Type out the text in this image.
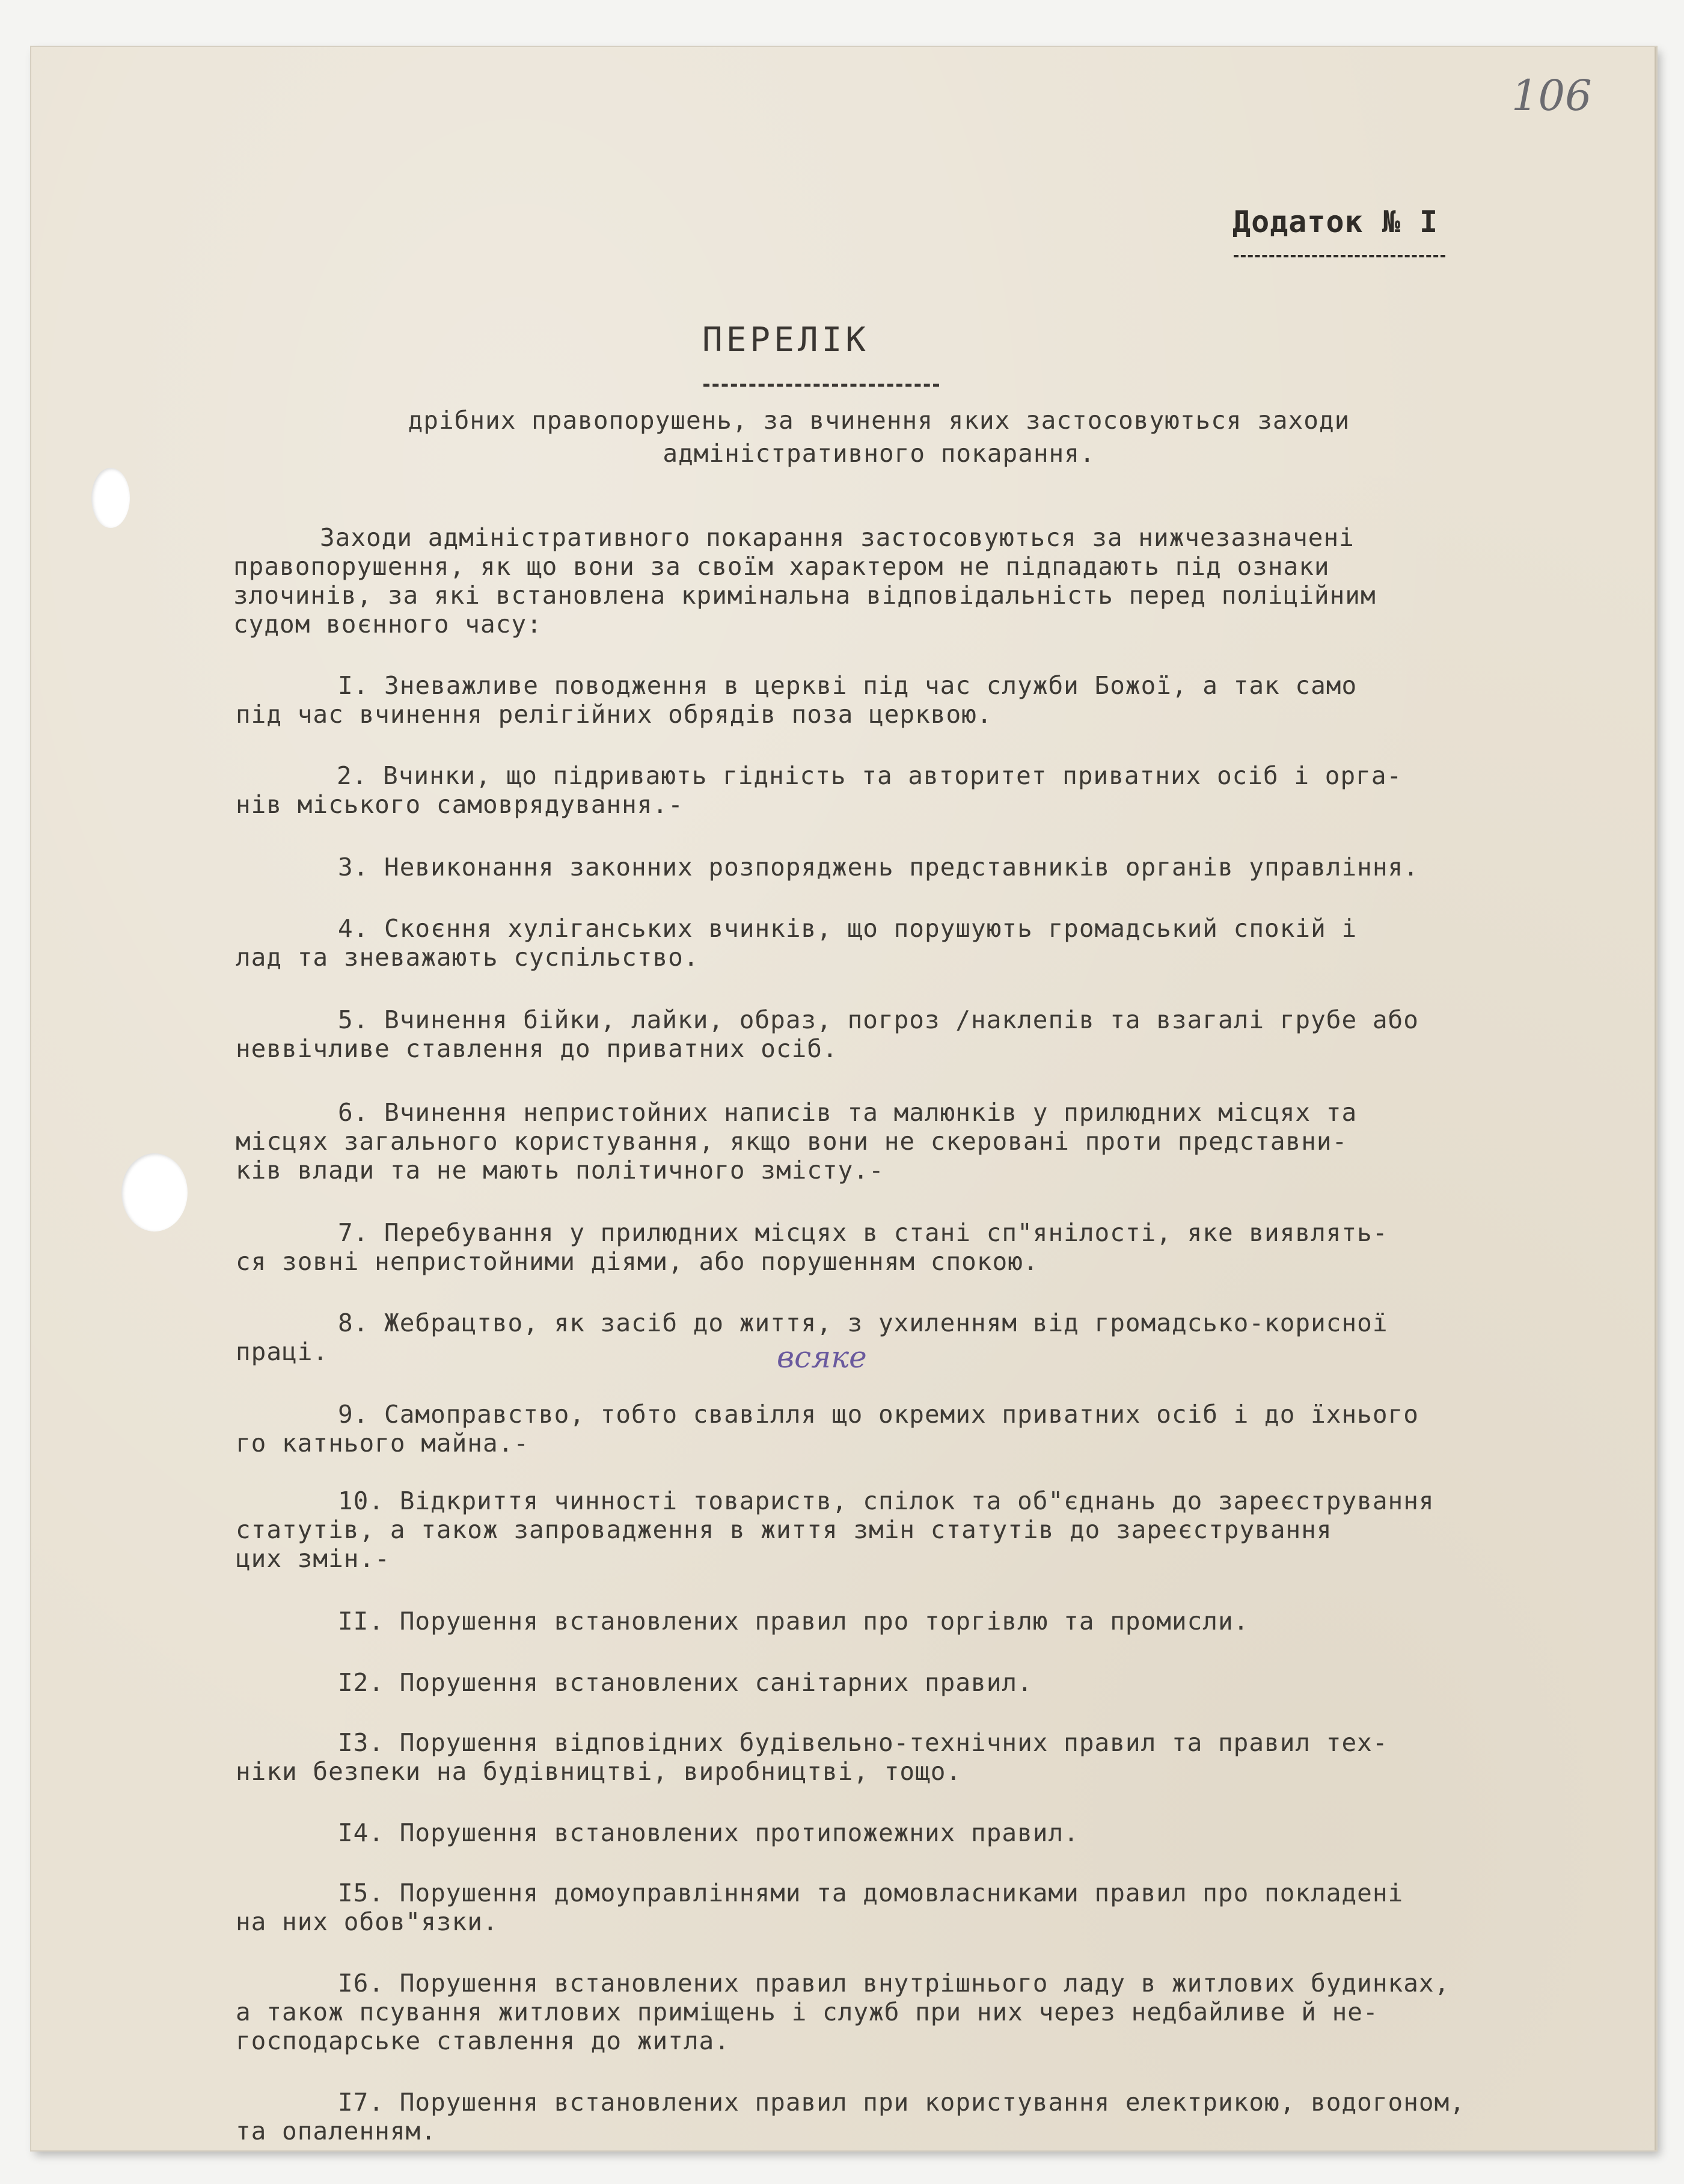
106
Додаток № I
ПЕРЕЛІК
дрібних правопорушень, за вчинення яких застосовуються заходи
адміністративного покарання.
Заходи адміністративного покарання застосовуються за нижчезазначені
правопорушення, як що вони за своїм характером не підпадають під ознаки
злочинів, за які встановлена кримінальна відповідальність перед поліційним
судом воєнного часу:
I. Зневажливе поводження в церкві під час служби Божої, а так само
під час вчинення релігійних обрядів поза церквою.
2. Вчинки, що підривають гідність та авторитет приватних осіб і орга-
нів міського самоврядування.-
3. Невиконання законних розпоряджень представників органів управління.
4. Скоєння хуліганських вчинків, що порушують громадський спокій і
лад та зневажають суспільство.
5. Вчинення бійки, лайки, образ, погроз /наклепів та взагалі грубе або
неввічливе ставлення до приватних осіб.
6. Вчинення непристойних написів та малюнків у прилюдних місцях та
місцях загального користування, якщо вони не скеровані проти представни-
ків влади та не мають політичного змісту.-
7. Перебування у прилюдних місцях в стані сп"янілості, яке виявлять-
ся зовні непристойними діями, або порушенням спокою.
8. Жебрацтво, як засіб до життя, з ухиленням від громадсько-корисної
праці.	всяке
9. Самоправство, тобто свавілля що окремих приватних осіб і до їхнього
го катнього майна.-
10. Відкриття чинності товариств, спілок та об"єднань до зареєстрування
статутів, а також запровадження в життя змін статутів до зареєстрування
цих змін.-
II. Порушення встановлених правил про торгівлю та промисли.
I2. Порушення встановлених санітарних правил.
I3. Порушення відповідних будівельно-технічних правил та правил тех-
ніки безпеки на будівництві, виробництві, тощо.
I4. Порушення встановлених протипожежних правил.
I5. Порушення домоуправліннями та домовласниками правил про покладені
на них обов"язки.
I6. Порушення встановлених правил внутрішнього ладу в житлових будинках,
а також псування житлових приміщень і служб при них через недбайливе й не-
господарське ставлення до житла.
I7. Порушення встановлених правил при користування електрикою, водогоном,
та опаленням.
